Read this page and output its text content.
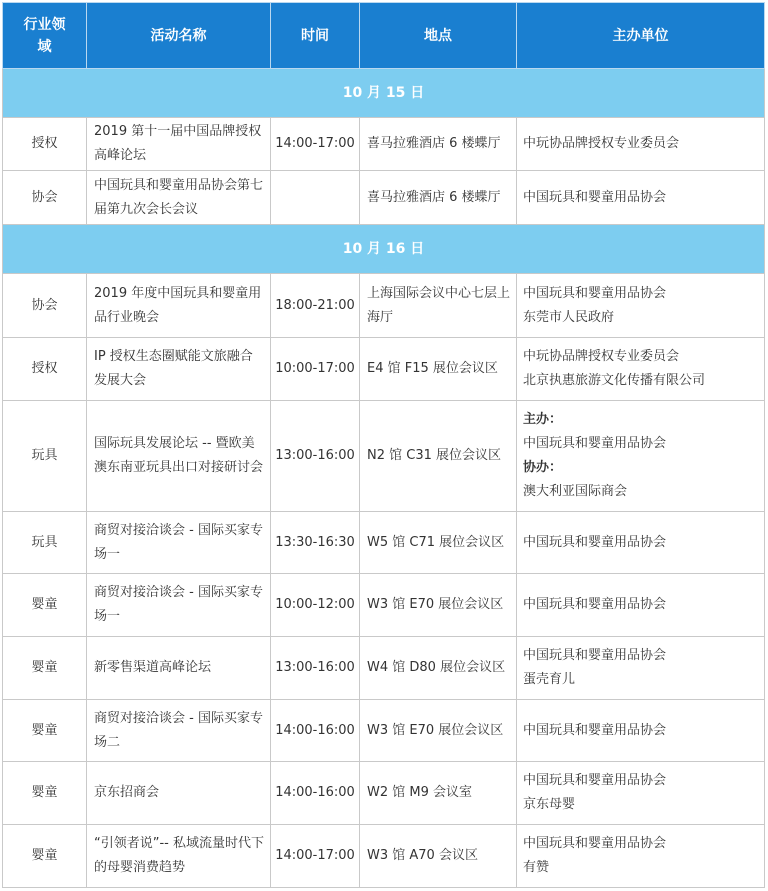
行业领域	活动名称	时间	地点	主办单位
10 月 15 日				
授权	2019 第十一届中国品牌授权高峰论坛	14:00-17:00	喜马拉雅酒店 6 楼蝶厅	中玩协品牌授权专业委员会

协会	中国玩具和婴童用品协会第七届第九次会长会议		喜马拉雅酒店 6 楼蝶厅	中国玩具和婴童用品协会

10 月 16 日				
协会	2019 年度中国玩具和婴童用品行业晚会	18:00-21:00	上海国际会议中心七层上海厅	中国玩具和婴童用品协会
东莞市人民政府

授权	IP 授权生态圈赋能文旅融合发展大会	10:00-17:00	E4 馆 F15 展位会议区	中玩协品牌授权专业委员会
北京执惠旅游文化传播有限公司

玩具	国际玩具发展论坛 -- 暨欧美澳东南亚玩具出口对接研讨会	13:00-16:00	N2 馆 C31 展位会议区	主办：
中国玩具和婴童用品协会
协办：
澳大利亚国际商会

玩具	商贸对接洽谈会 - 国际买家专场一	13:30-16:30	W5 馆 C71 展位会议区	中国玩具和婴童用品协会

婴童	商贸对接洽谈会 - 国际买家专场一	10:00-12:00	W3 馆 E70 展位会议区	中国玩具和婴童用品协会

婴童	新零售渠道高峰论坛	13:00-16:00	W4 馆 D80 展位会议区	中国玩具和婴童用品协会
蛋壳育儿

婴童	商贸对接洽谈会 - 国际买家专场二	14:00-16:00	W3 馆 E70 展位会议区	中国玩具和婴童用品协会

婴童	京东招商会	14:00-16:00	W2 馆 M9 会议室	中国玩具和婴童用品协会
京东母婴

婴童	“引领者说”-- 私域流量时代下的母婴消费趋势	14:00-17:00	W3 馆 A70 会议区	中国玩具和婴童用品协会
有赞
